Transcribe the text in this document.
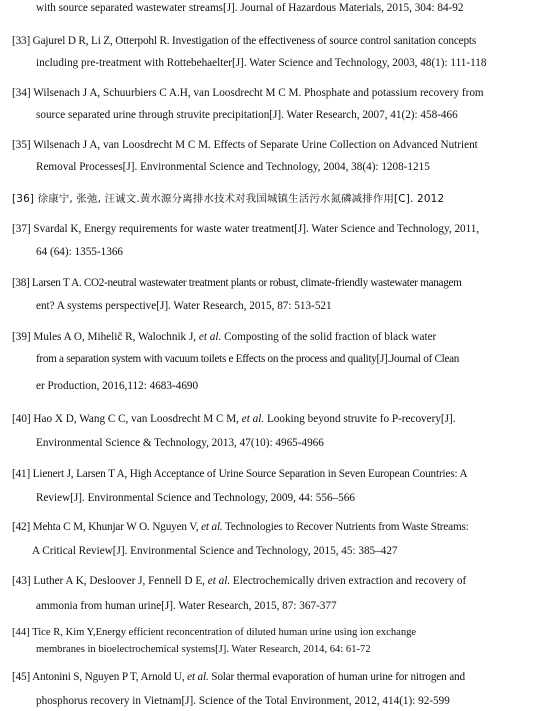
with source separated wastewater streams[J]. Journal of Hazardous Materials, 2015, 304: 84-92
[33] Gajurel D R, Li Z, Otterpohl R. Investigation of the effectiveness of source control sanitation concepts
including pre-treatment with Rottebehaelter[J]. Water Science and Technology, 2003, 48(1): 111-118
[34] Wilsenach J A, Schuurbiers C A.H, van Loosdrecht M C M. Phosphate and potassium recovery from
source separated urine through struvite precipitation[J]. Water Research, 2007, 41(2): 458-466
[35] Wilsenach J A, van Loosdrecht M C M. Effects of Separate Urine Collection on Advanced Nutrient
Removal Processes[J]. Environmental Science and Technology, 2004, 38(4): 1208-1215
[36] 徐康宁, 张弛, 汪诚文.黄水源分离排水技术对我国城镇生活污水氮磷减排作用[C]. 2012
[37] Svardal K, Energy requirements for waste water treatment[J]. Water Science and Technology, 2011,
64 (64): 1355-1366
[38] Larsen T A. CO2-neutral wastewater treatment plants or robust, climate-friendly wastewater managem
ent? A systems perspective[J]. Water Research, 2015, 87: 513-521
[39] Mules A O, Mihelič R, Walochnik J, et al. Composting of the solid fraction of black water
from a separation system with vacuum toilets e Effects on the process and quality[J].Journal of Clean
er Production, 2016,112: 4683-4690
[40] Hao X D, Wang C C, van Loosdrecht M C M, et al. Looking beyond struvite fo P-recovery[J].
Environmental Science & Technology, 2013, 47(10): 4965-4966
[41] Lienert J, Larsen T A, High Acceptance of Urine Source Separation in Seven European Countries: A
Review[J]. Environmental Science and Technology, 2009, 44: 556–566
[42] Mehta C M, Khunjar W O. Nguyen V, et al. Technologies to Recover Nutrients from Waste Streams:
A Critical Review[J]. Environmental Science and Technology, 2015, 45: 385–427
[43] Luther A K, Desloover J, Fennell D E, et al. Electrochemically driven extraction and recovery of
ammonia from human urine[J]. Water Research, 2015, 87: 367-377
[44] Tice R, Kim Y,Energy efficient reconcentration of diluted human urine using ion exchange
membranes in bioelectrochemical systems[J]. Water Research, 2014, 64: 61-72
[45] Antonini S, Nguyen P T, Arnold U, et al. Solar thermal evaporation of human urine for nitrogen and
phosphorus recovery in Vietnam[J]. Science of the Total Environment, 2012, 414(1): 92-599
